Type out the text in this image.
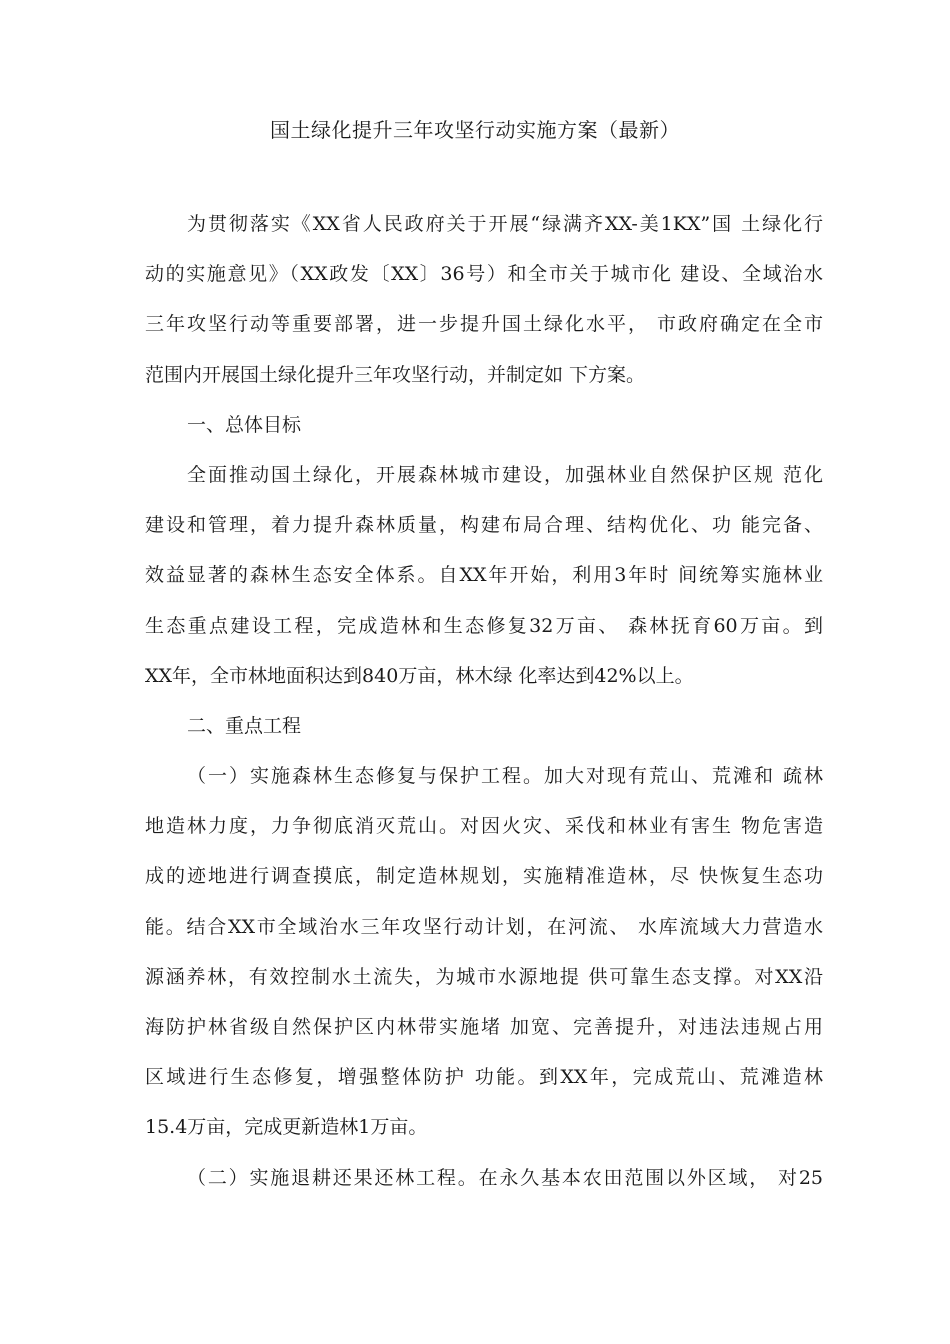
国土绿化提升三年攻坚行动实施方案（最新）
为贯彻落实《XX省人民政府关于开展“绿满齐XX-美1KX”国 土绿化行
动的实施意见》（XX政发〔XX〕36号）和全市关于城市化 建设、全域治水
三年攻坚行动等重要部署，进一步提升国土绿化水平， 市政府确定在全市
范围内开展国土绿化提升三年攻坚行动，并制定如 下方案。
一、总体目标
全面推动国土绿化，开展森林城市建设，加强林业自然保护区规 范化
建设和管理，着力提升森林质量，构建布局合理、结构优化、功 能完备、
效益显著的森林生态安全体系。自XX年开始，利用3年时 间统筹实施林业
生态重点建设工程，完成造林和生态修复32万亩、 森林抚育60万亩。到
XX年，全市林地面积达到840万亩，林木绿 化率达到42%以上。
二、重点工程
（一）实施森林生态修复与保护工程。加大对现有荒山、荒滩和 疏林
地造林力度，力争彻底消灭荒山。对因火灾、采伐和林业有害生 物危害造
成的迹地进行调查摸底，制定造林规划，实施精准造林，尽 快恢复生态功
能。结合XX市全域治水三年攻坚行动计划，在河流、 水库流域大力营造水
源涵养林，有效控制水土流失，为城市水源地提 供可靠生态支撑。对XX沿
海防护林省级自然保护区内林带实施堵 加宽、完善提升，对违法违规占用
区域进行生态修复，增强整体防护 功能。到XX年，完成荒山、荒滩造林
15.4万亩，完成更新造林1万亩。
（二）实施退耕还果还林工程。在永久基本农田范围以外区域， 对25
